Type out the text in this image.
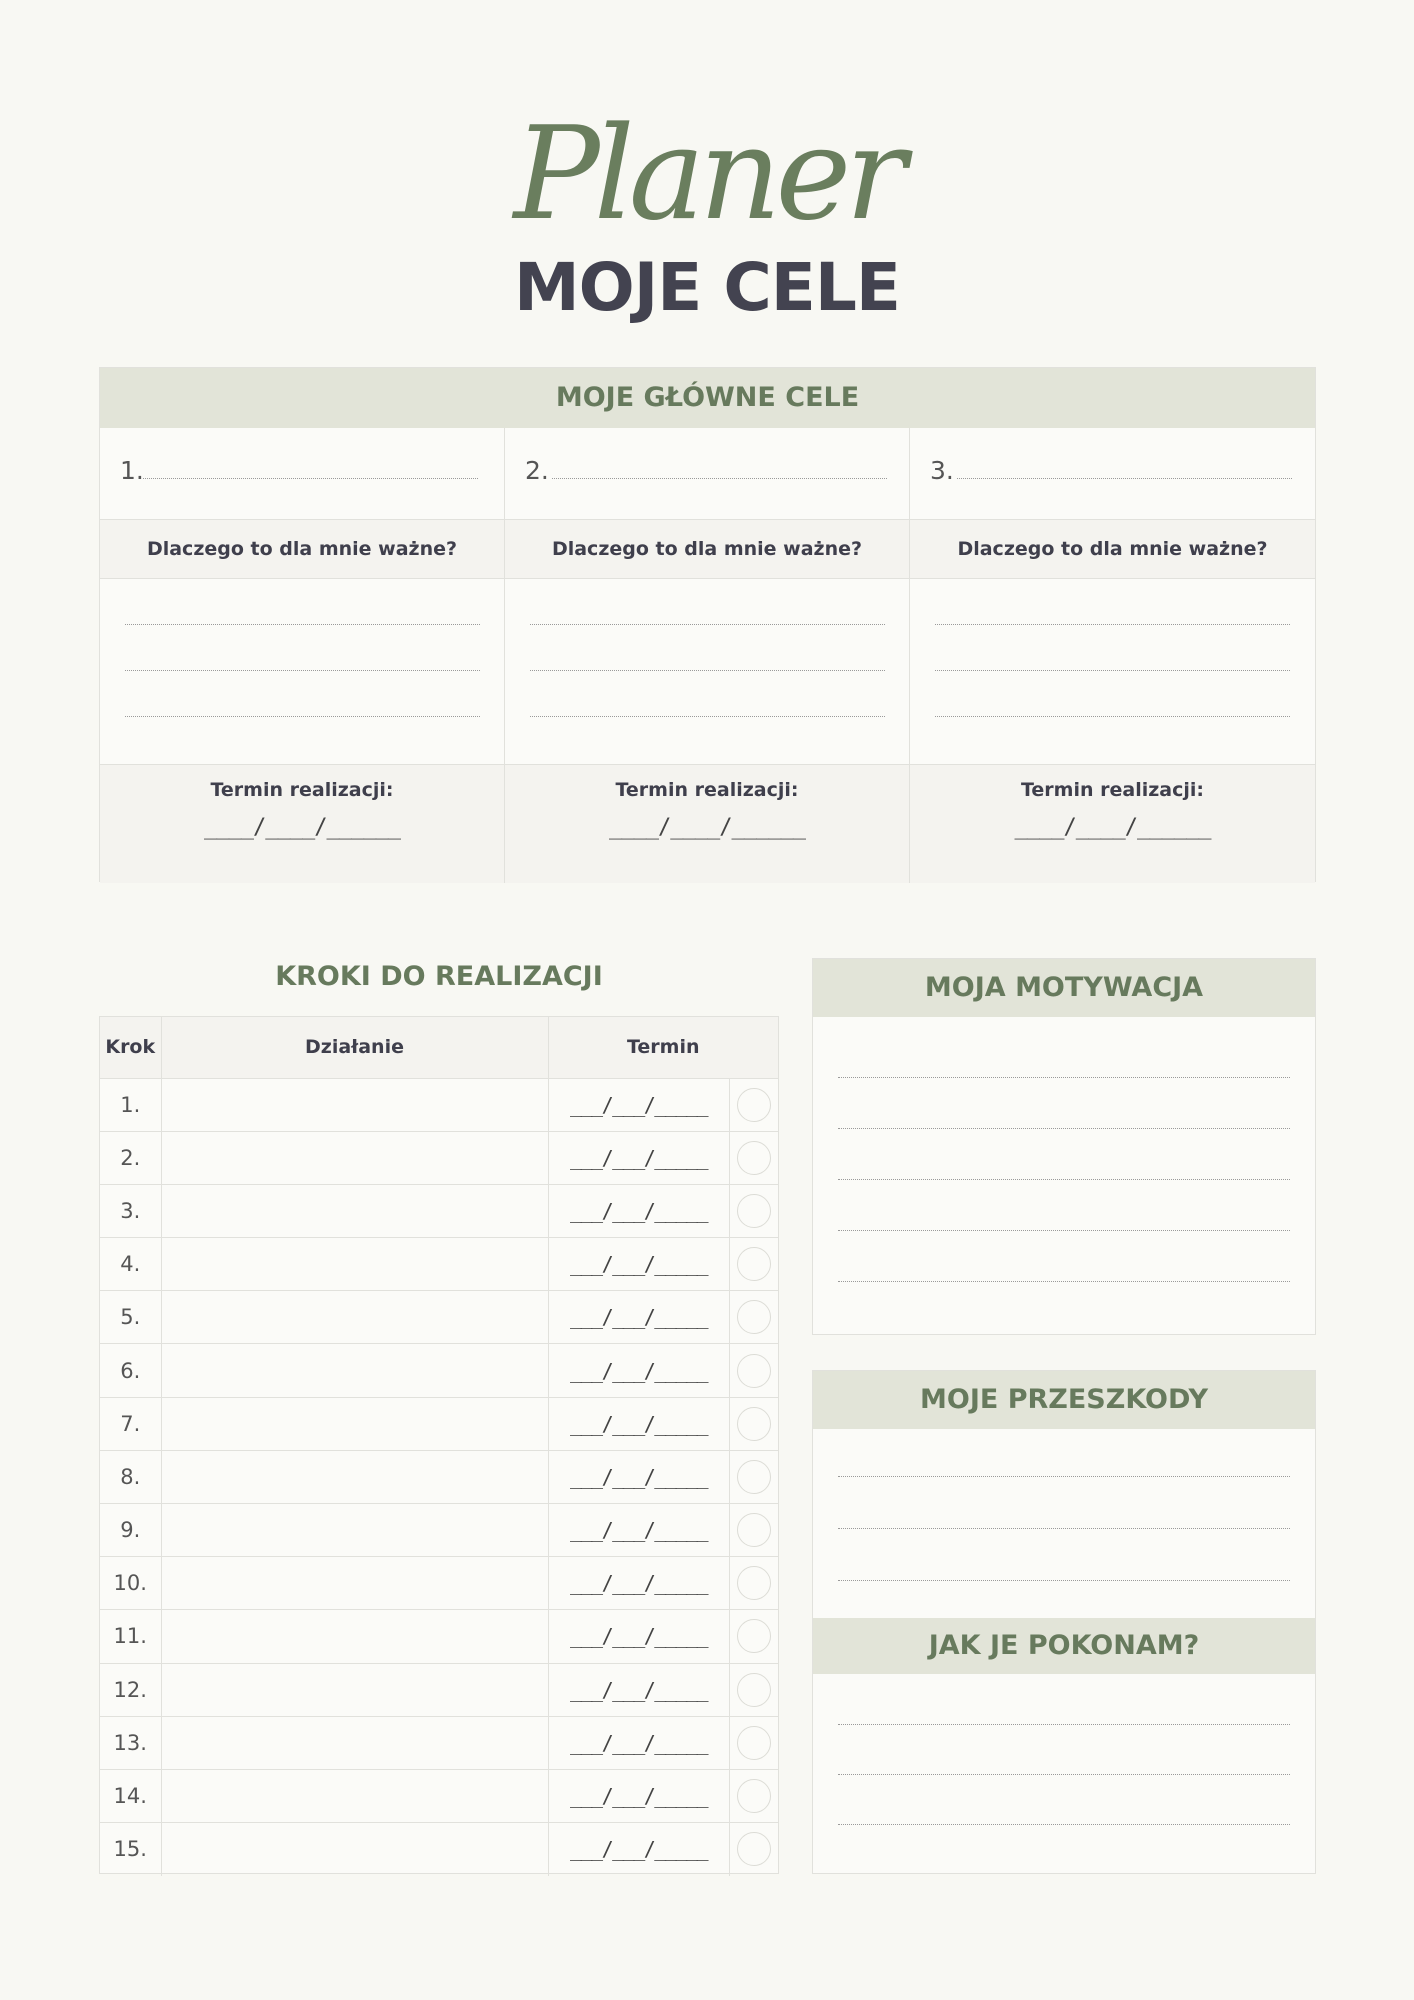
Planer
MOJE CELE
MOJE GŁÓWNE CELE
1.
Dlaczego to dla mnie ważne?
Termin realizacji:
____/____/______
2.
Dlaczego to dla mnie ważne?
Termin realizacji:
____/____/______
3.
Dlaczego to dla mnie ważne?
Termin realizacji:
____/____/______
KROKI DO REALIZACJI
Krok	Działanie	Termin	
1.		___/___/_____	
2.		___/___/_____	
3.		___/___/_____	
4.		___/___/_____	
5.		___/___/_____	
6.		___/___/_____	
7.		___/___/_____	
8.		___/___/_____	
9.		___/___/_____	
10.		___/___/_____	
11.		___/___/_____	
12.		___/___/_____	
13.		___/___/_____	
14.		___/___/_____	
15.		___/___/_____	
MOJA MOTYWACJA
MOJE PRZESZKODY
JAK JE POKONAM?
